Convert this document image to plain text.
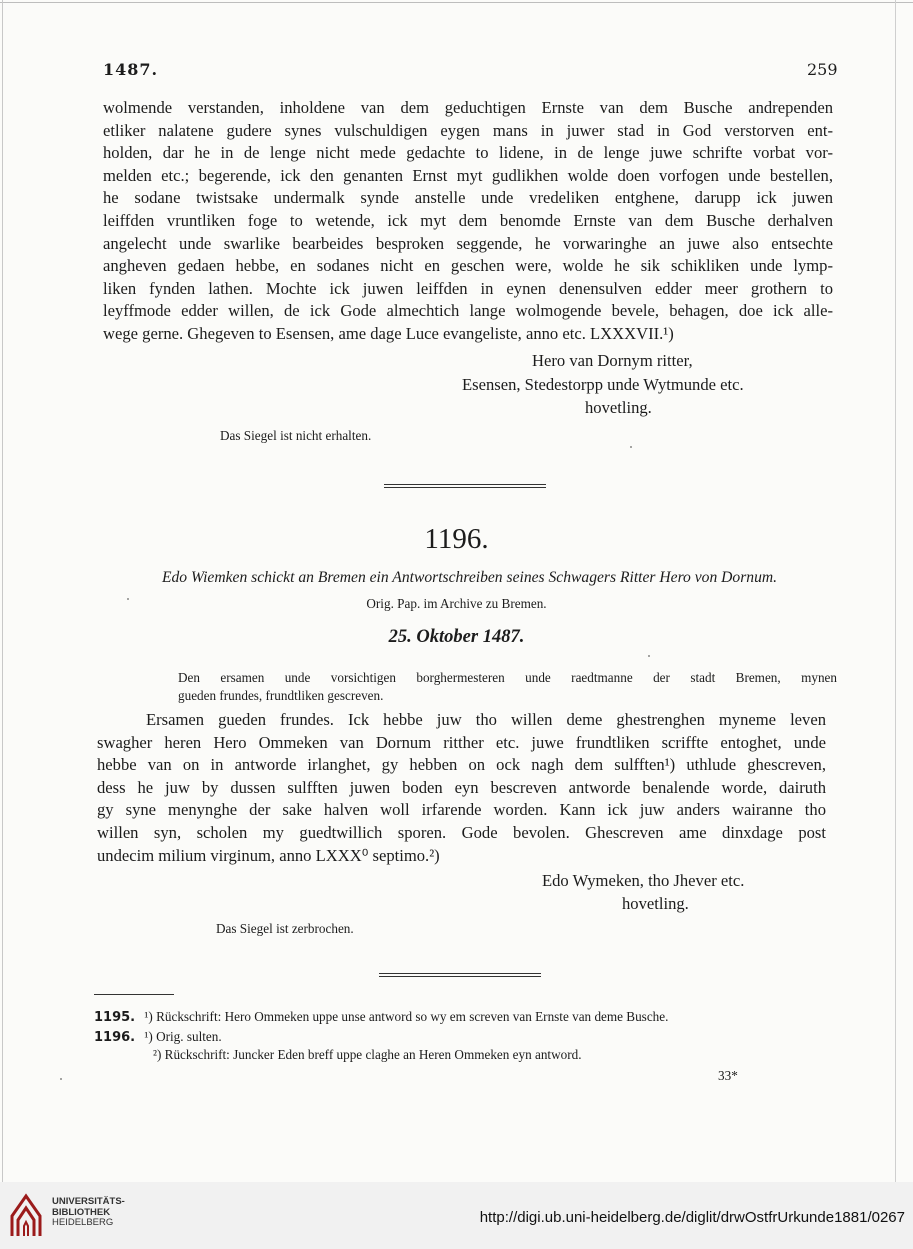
1487.	259
wolmende verstanden, inholdene van dem geduchtigen Ernste van dem Busche andrependen
etliker nalatene gudere synes vulschuldigen eygen mans in juwer stad in God verstorven ent-
holden, dar he in de lenge nicht mede gedachte to lidene, in de lenge juwe schrifte vorbat vor-
melden etc.; begerende, ick den genanten Ernst myt gudlikhen wolde doen vorfogen unde bestellen,
he sodane twistsake undermalk synde anstelle unde vredeliken entghene, darupp ick juwen
leiffden vruntliken foge to wetende, ick myt dem benomde Ernste van dem Busche derhalven
angelecht unde swarlike bearbeides besproken seggende, he vorwaringhe an juwe also entsechte
angheven gedaen hebbe, en sodanes nicht en geschen were, wolde he sik schikliken unde lymp-
liken fynden lathen. Mochte ick juwen leiffden in eynen denensulven edder meer grothern to
leyffmode edder willen, de ick Gode almechtich lange wolmogende bevele, behagen, doe ick alle-
wege gerne. Ghegeven to Esensen, ame dage Luce evangeliste, anno etc. LXXXVII.¹)
Hero van Dornym ritter,
Esensen, Stedestorpp unde Wytmunde etc.
hovetling.
Das Siegel ist nicht erhalten.
1196.
Edo Wiemken schickt an Bremen ein Antwortschreiben seines Schwagers Ritter Hero von Dornum.
Orig. Pap. im Archive zu Bremen.
25. Oktober 1487.
Den ersamen unde vorsichtigen borghermesteren unde raedtmanne der stadt Bremen, mynen
gueden frundes, frundtliken gescreven.
Ersamen gueden frundes. Ick hebbe juw tho willen deme ghestrenghen myneme leven
swagher heren Hero Ommeken van Dornum ritther etc. juwe frundtliken scriffte entoghet, unde
hebbe van on in antworde irlanghet, gy hebben on ock nagh dem sulfften¹) uthlude ghescreven,
dess he juw by dussen sulfften juwen boden eyn bescreven antworde benalende worde, dairuth
gy syne menynghe der sake halven woll irfarende worden. Kann ick juw anders wairanne tho
willen syn, scholen my guedtwillich sporen. Gode bevolen. Ghescreven ame dinxdage post
undecim milium virginum, anno LXXX⁰ septimo.²)
Edo Wymeken, tho Jhever etc.
hovetling.
Das Siegel ist zerbrochen.
1195. ¹) Rückschrift: Hero Ommeken uppe unse antword so wy em screven van Ernste van deme Busche.
1196. ¹) Orig. sulten.
²) Rückschrift: Juncker Eden breff uppe claghe an Heren Ommeken eyn antword.
33*
UNIVERSITÄTS-
BIBLIOTHEK
HEIDELBERG	http://digi.ub.uni-heidelberg.de/diglit/drwOstfrUrkunde1881/0267
